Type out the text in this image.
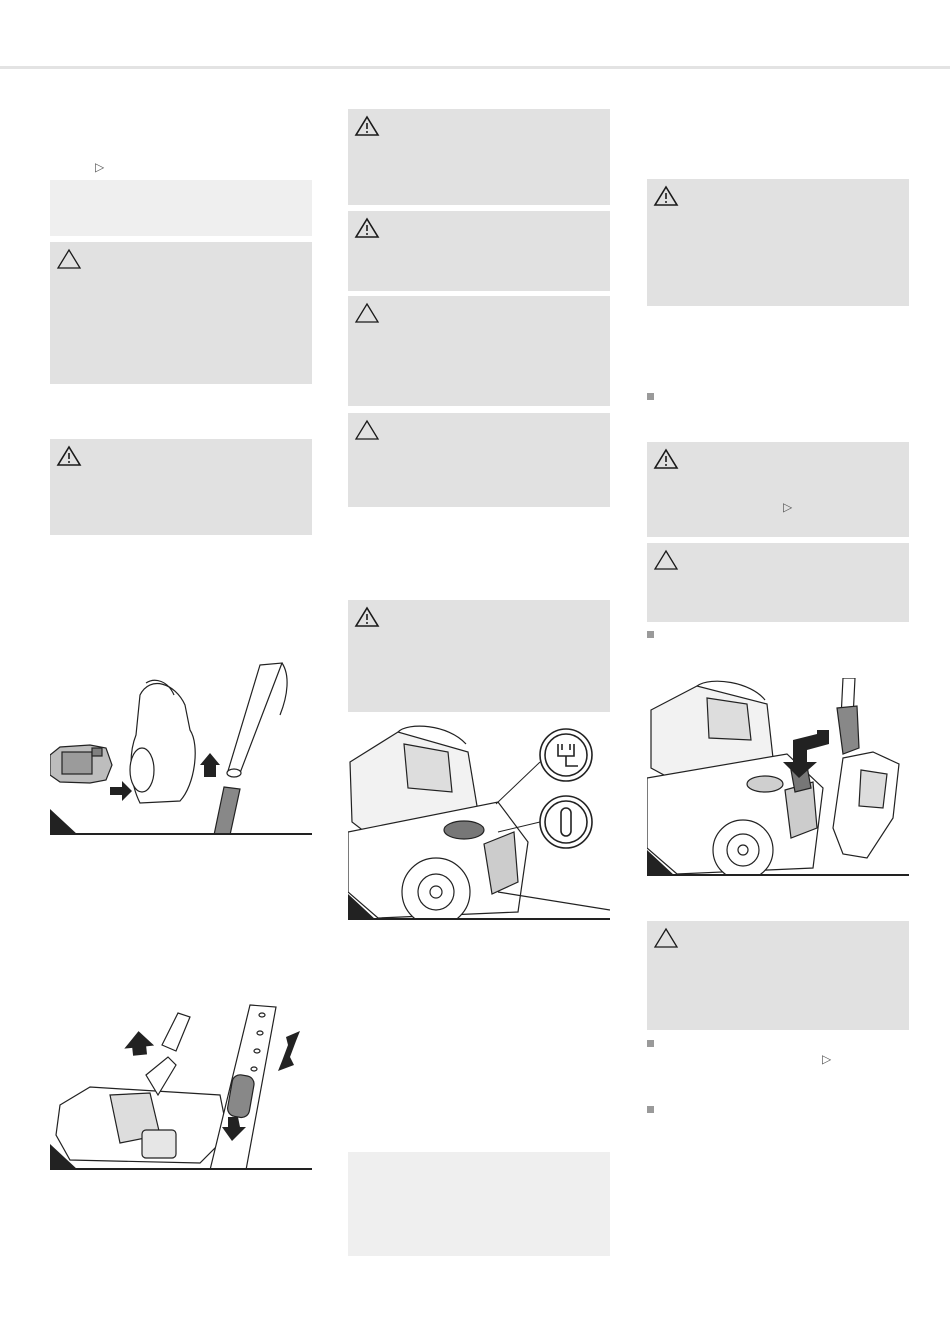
▷
▷
▷
